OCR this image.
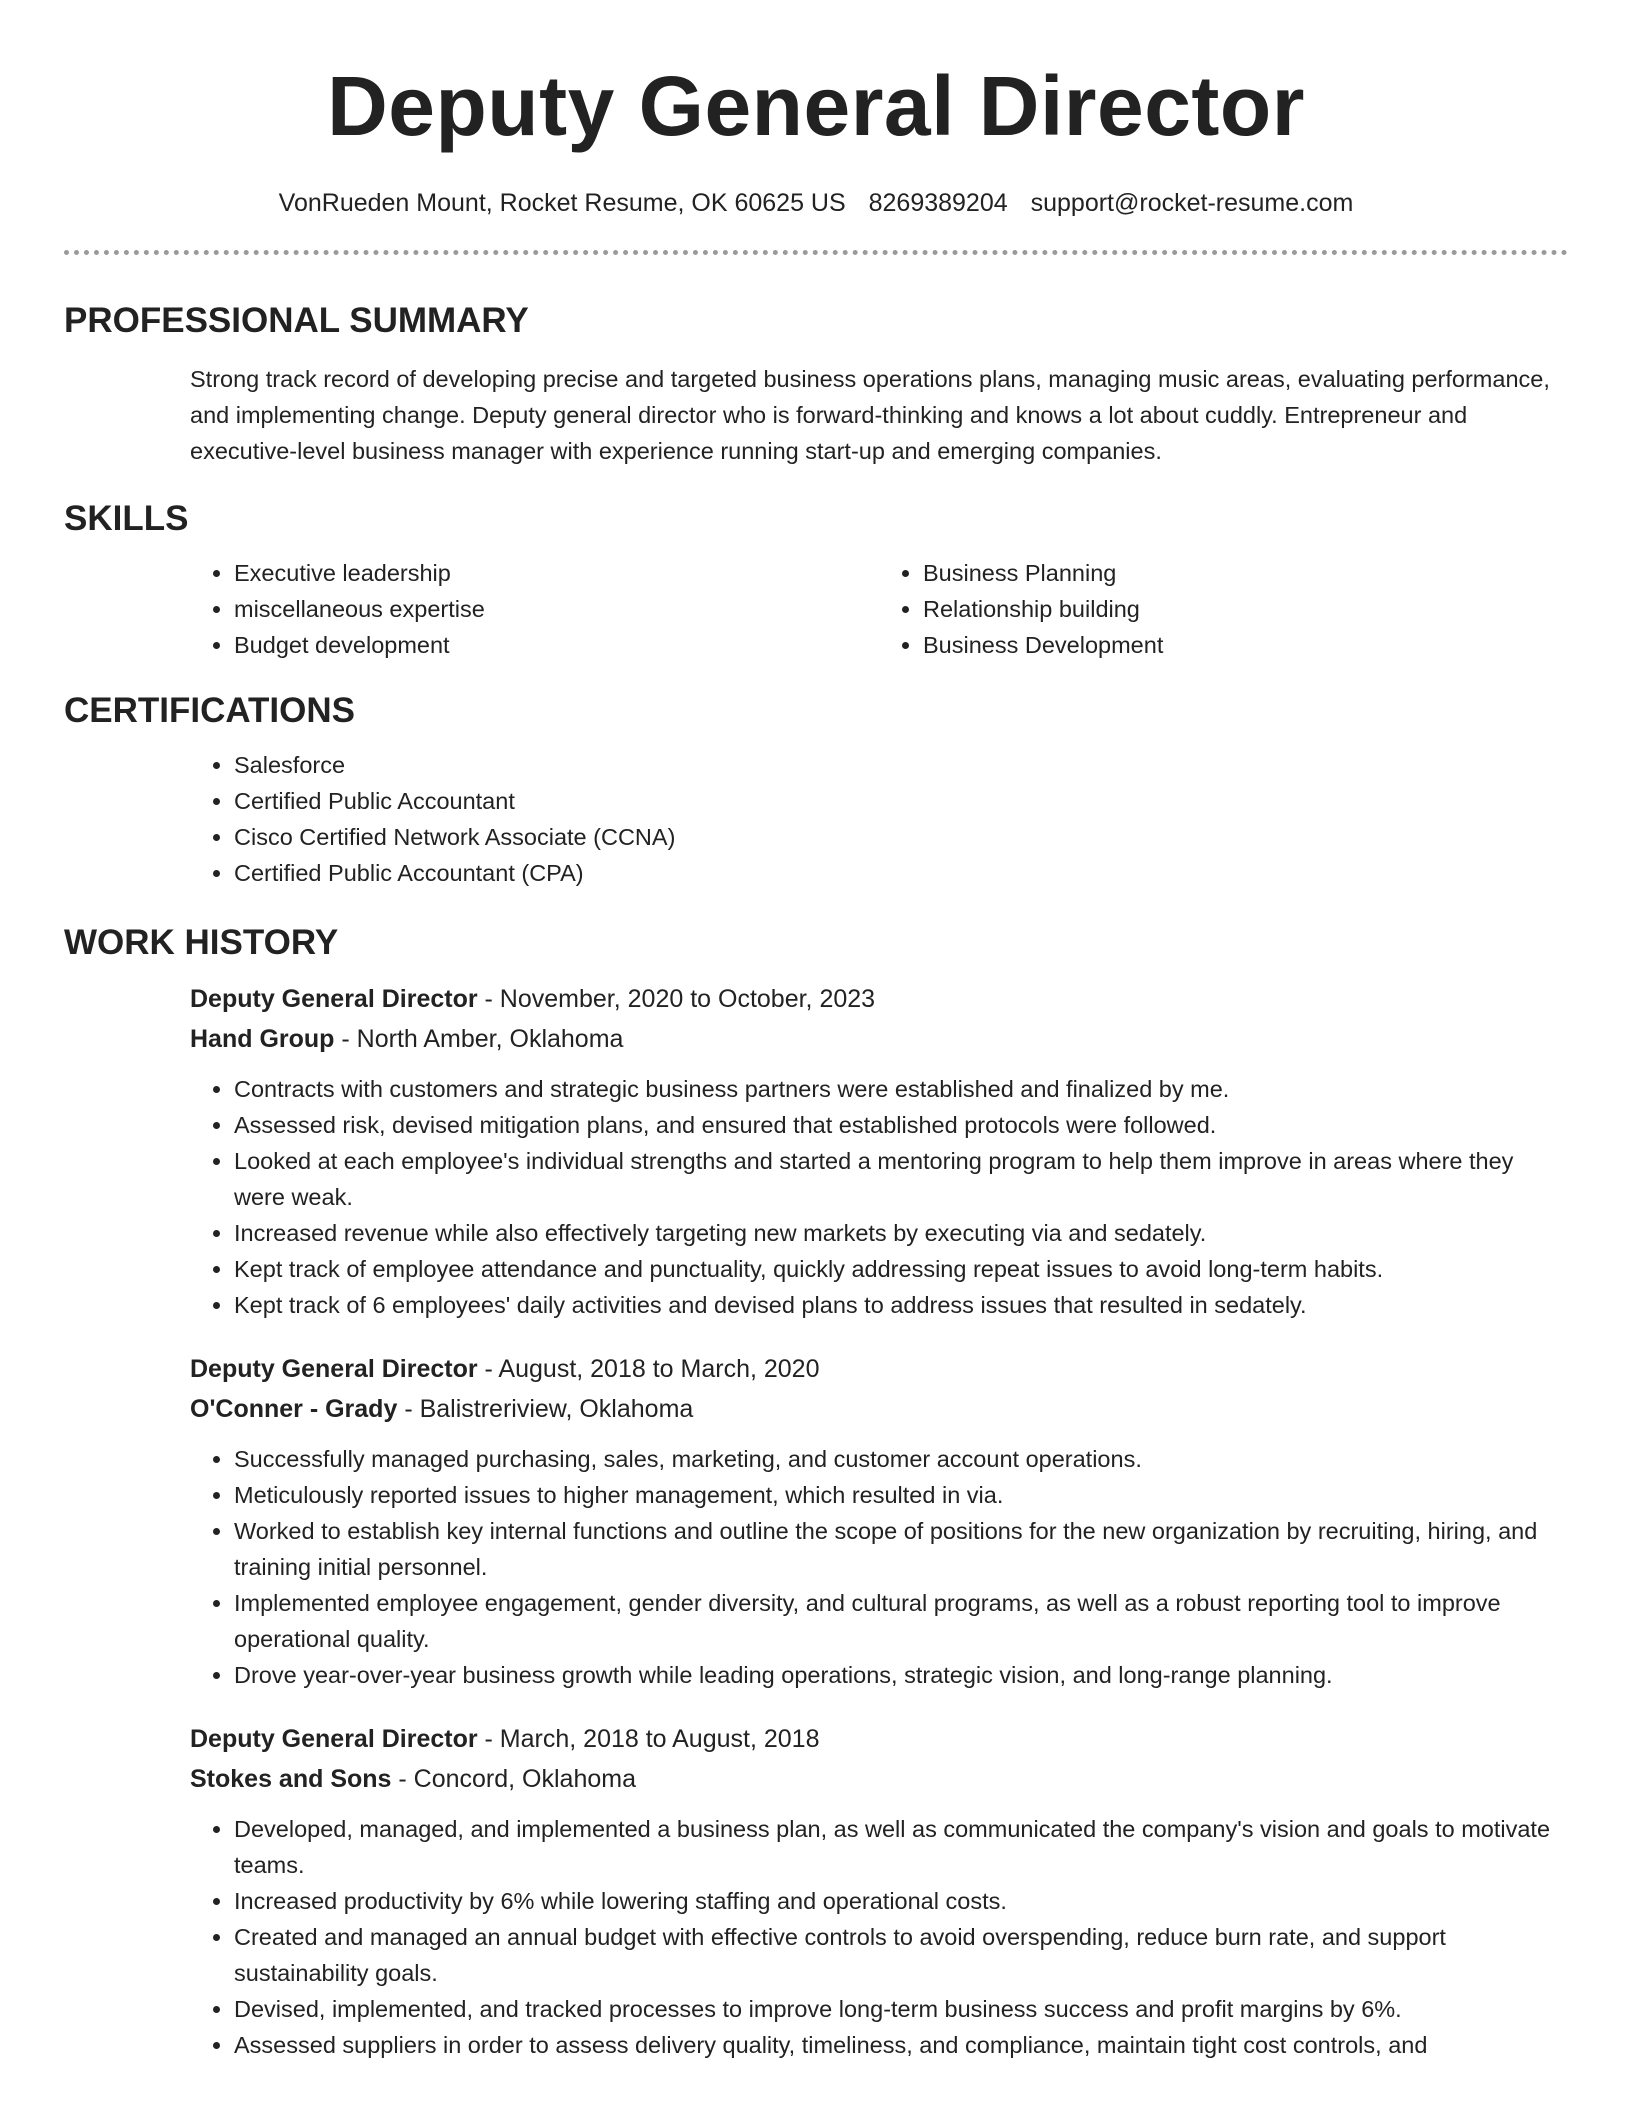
Deputy General Director
VonRueden Mount, Rocket Resume, OK 60625 US 8269389204 support@rocket-resume.com
PROFESSIONAL SUMMARY

Strong track record of developing precise and targeted business operations plans, managing music areas, evaluating performance, and implementing change. Deputy general director who is forward-thinking and knows a lot about cuddly. Entrepreneur and executive-level business manager with experience running start-up and emerging companies.

SKILLS
• Executive leadership
• miscellaneous expertise
• Budget development
• Business Planning
• Relationship building
• Business Development
CERTIFICATIONS
• Salesforce
• Certified Public Accountant
• Cisco Certified Network Associate (CCNA)
• Certified Public Accountant (CPA)
WORK HISTORY
Deputy General Director - November, 2020 to October, 2023
Hand Group - North Amber, Oklahoma
• Contracts with customers and strategic business partners were established and finalized by me.
• Assessed risk, devised mitigation plans, and ensured that established protocols were followed.
• Looked at each employee's individual strengths and started a mentoring program to help them improve in areas where they were weak.
• Increased revenue while also effectively targeting new markets by executing via and sedately.
• Kept track of employee attendance and punctuality, quickly addressing repeat issues to avoid long-term habits.
• Kept track of 6 employees' daily activities and devised plans to address issues that resulted in sedately.
Deputy General Director - August, 2018 to March, 2020
O'Conner - Grady - Balistreriview, Oklahoma
• Successfully managed purchasing, sales, marketing, and customer account operations.
• Meticulously reported issues to higher management, which resulted in via.
• Worked to establish key internal functions and outline the scope of positions for the new organization by recruiting, hiring, and training initial personnel.
• Implemented employee engagement, gender diversity, and cultural programs, as well as a robust reporting tool to improve operational quality.
• Drove year-over-year business growth while leading operations, strategic vision, and long-range planning.
Deputy General Director - March, 2018 to August, 2018
Stokes and Sons - Concord, Oklahoma
• Developed, managed, and implemented a business plan, as well as communicated the company's vision and goals to motivate teams.
• Increased productivity by 6% while lowering staffing and operational costs.
• Created and managed an annual budget with effective controls to avoid overspending, reduce burn rate, and support sustainability goals.
• Devised, implemented, and tracked processes to improve long-term business success and profit margins by 6%.
• Assessed suppliers in order to assess delivery quality, timeliness, and compliance, maintain tight cost controls, and
